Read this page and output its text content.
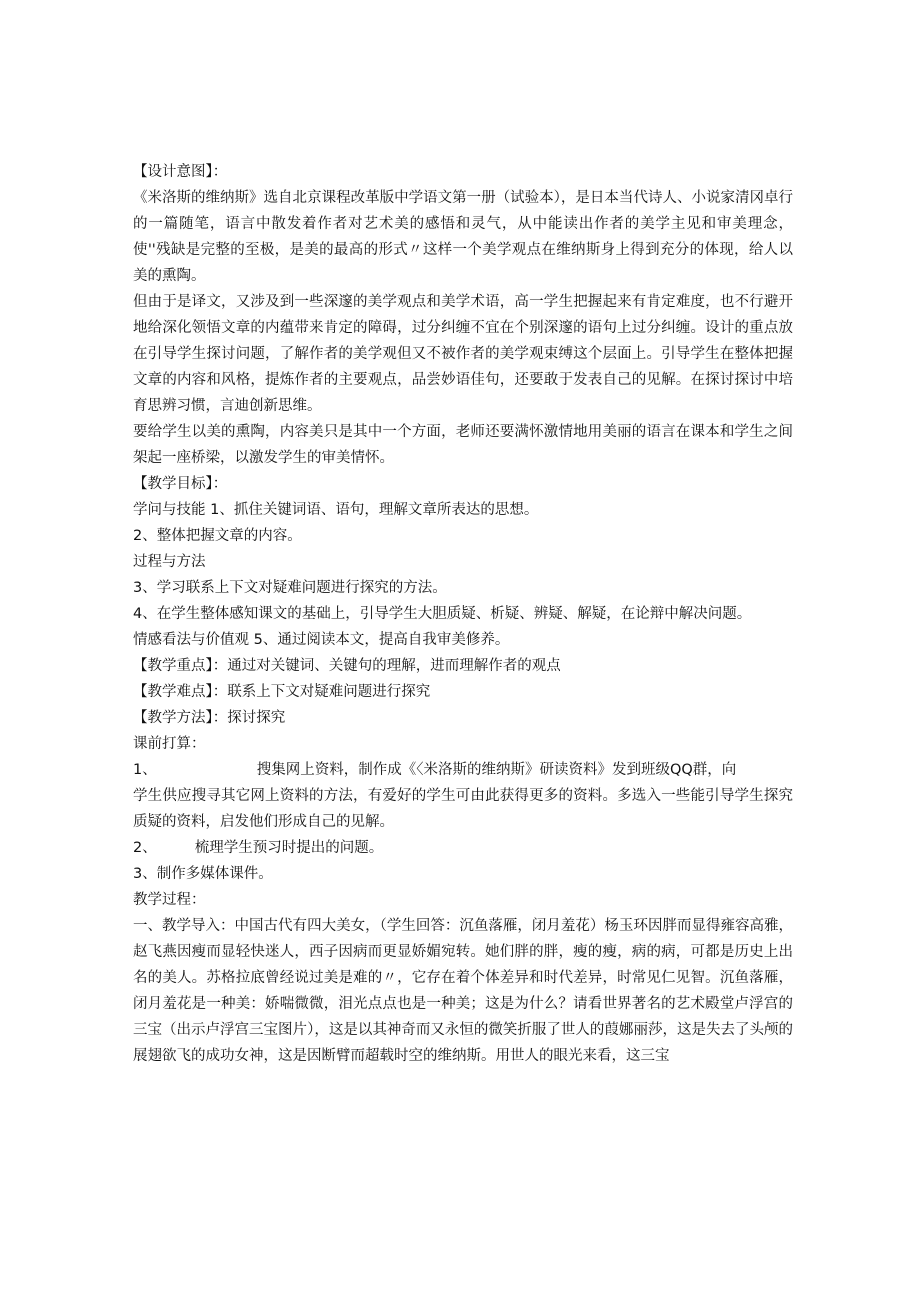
【设计意图】：

《米洛斯的维纳斯》选自北京课程改革版中学语文第一册（试验本），是日本当代诗人、小说家清冈卓行的一篇随笔，语言中散发着作者对艺术美的感悟和灵气，从中能读出作者的美学主见和审美理念，使''残缺是完整的至极，是美的最高的形式〃这样一个美学观点在维纳斯身上得到充分的体现，给人以美的熏陶。

但由于是译文，又涉及到一些深邃的美学观点和美学术语，高一学生把握起来有肯定难度，也不行避开地给深化领悟文章的内蕴带来肯定的障碍，过分纠缠不宜在个别深邃的语句上过分纠缠。设计的重点放在引导学生探讨问题，了解作者的美学观但又不被作者的美学观束缚这个层面上。引导学生在整体把握文章的内容和风格，提炼作者的主要观点，品尝妙语佳句，还要敢于发表自己的见解。在探讨探讨中培育思辨习惯，言迪创新思维。

要给学生以美的熏陶，内容美只是其中一个方面，老师还要满怀激情地用美丽的语言在课本和学生之间架起一座桥梁，以激发学生的审美情怀。

【教学目标】：

学问与技能 1、抓住关键词语、语句，理解文章所表达的思想。

2、整体把握文章的内容。

过程与方法

3、学习联系上下文对疑难问题进行探究的方法。

4、在学生整体感知课文的基础上，引导学生大胆质疑、析疑、辨疑、解疑，在论辩中解决问题。

情感看法与价值观 5、通过阅读本文，提高自我审美修养。

【教学重点】：通过对关键词、关键句的理解，进而理解作者的观点

【教学难点】：联系上下文对疑难问题进行探究

【教学方法】：探讨探究

课前打算：

1、	搜集网上资料，制作成《〈米洛斯的维纳斯》研读资料》发到班级QQ群，向

学生供应搜寻其它网上资料的方法，有爱好的学生可由此获得更多的资料。多选入一些能引导学生探究质疑的资料，启发他们形成自己的见解。

2、	梳理学生预习时提出的问题。

3、制作多媒体课件。

教学过程：

一、教学导入：中国古代有四大美女，（学生回答：沉鱼落雁，闭月羞花）杨玉环因胖而显得雍容高雅，赵飞燕因瘦而显轻快迷人，西子因病而更显娇媚宛转。她们胖的胖，瘦的瘦，病的病，可都是历史上出名的美人。苏格拉底曾经说过美是难的〃，它存在着个体差异和时代差异，时常见仁见智。沉鱼落雁，闭月羞花是一种美：娇喘微微，泪光点点也是一种美；这是为什么？请看世界著名的艺术殿堂卢浮宫的三宝（出示卢浮宫三宝图片），这是以其神奇而又永恒的微笑折服了世人的葭娜丽莎，这是失去了头颅的展翅欲飞的成功女神，这是因断臂而超载时空的维纳斯。用世人的眼光来看，这三宝
